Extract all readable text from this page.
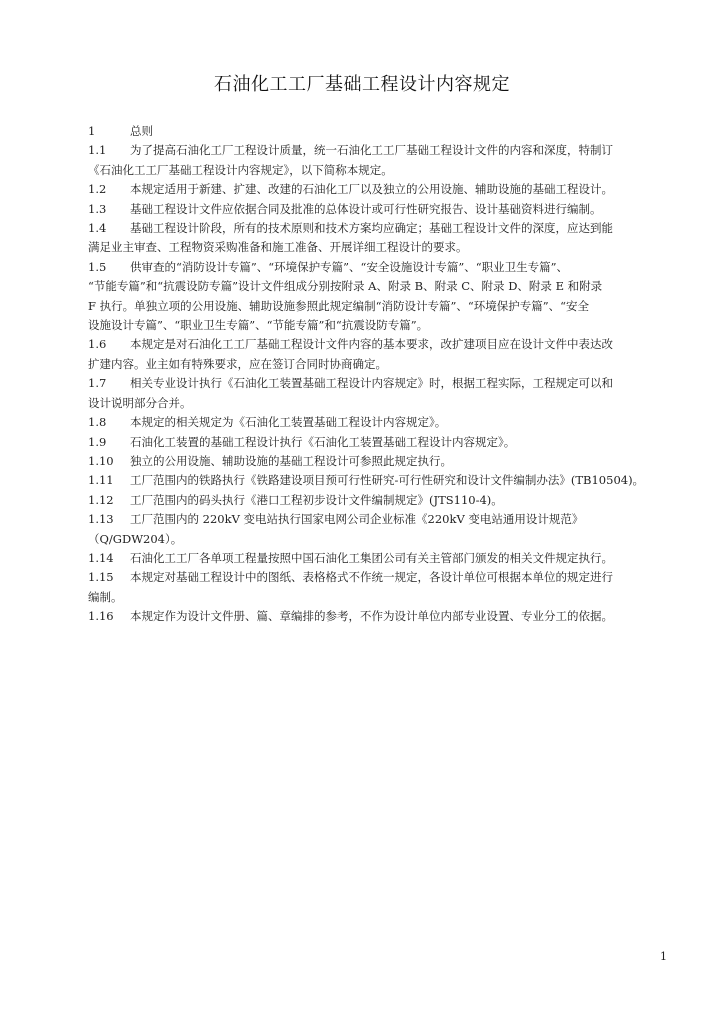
石油化工工厂基础工程设计内容规定
1	总则
1.1	为了提高石油化工厂工程设计质量，统一石油化工工厂基础工程设计文件的内容和深度，特制订
《石油化工工厂基础工程设计内容规定》，以下简称本规定。
1.2	本规定适用于新建、扩建、改建的石油化工厂以及独立的公用设施、辅助设施的基础工程设计。
1.3	基础工程设计文件应依据合同及批准的总体设计或可行性研究报告、设计基础资料进行编制。
1.4	基础工程设计阶段，所有的技术原则和技术方案均应确定；基础工程设计文件的深度，应达到能
满足业主审查、工程物资采购准备和施工准备、开展详细工程设计的要求。
1.5	供审查的“消防设计专篇”、“环境保护专篇”、“安全设施设计专篇”、“职业卫生专篇”、
“节能专篇”和“抗震设防专篇”设计文件组成分别按附录 A、附录 B、附录 C、附录 D、附录 E 和附录
F 执行。单独立项的公用设施、辅助设施参照此规定编制“消防设计专篇”、“环境保护专篇”、“安全
设施设计专篇”、“职业卫生专篇”、“节能专篇”和“抗震设防专篇”。
1.6	本规定是对石油化工工厂基础工程设计文件内容的基本要求，改扩建项目应在设计文件中表达改
扩建内容。业主如有特殊要求，应在签订合同时协商确定。
1.7	相关专业设计执行《石油化工装置基础工程设计内容规定》时，根据工程实际，工程规定可以和
设计说明部分合并。
1.8	本规定的相关规定为《石油化工装置基础工程设计内容规定》。
1.9	石油化工装置的基础工程设计执行《石油化工装置基础工程设计内容规定》。
1.10	独立的公用设施、辅助设施的基础工程设计可参照此规定执行。
1.11	工厂范围内的铁路执行《铁路建设项目预可行性研究-可行性研究和设计文件编制办法》(TB10504)。
1.12	工厂范围内的码头执行《港口工程初步设计文件编制规定》(JTS110-4)。
1.13	工厂范围内的 220kV 变电站执行国家电网公司企业标准《220kV 变电站通用设计规范》
（Q/GDW204）。
1.14	石油化工工厂各单项工程量按照中国石油化工集团公司有关主管部门颁发的相关文件规定执行。
1.15	本规定对基础工程设计中的图纸、表格格式不作统一规定，各设计单位可根据本单位的规定进行
编制。
1.16	本规定作为设计文件册、篇、章编排的参考，不作为设计单位内部专业设置、专业分工的依据。
1
